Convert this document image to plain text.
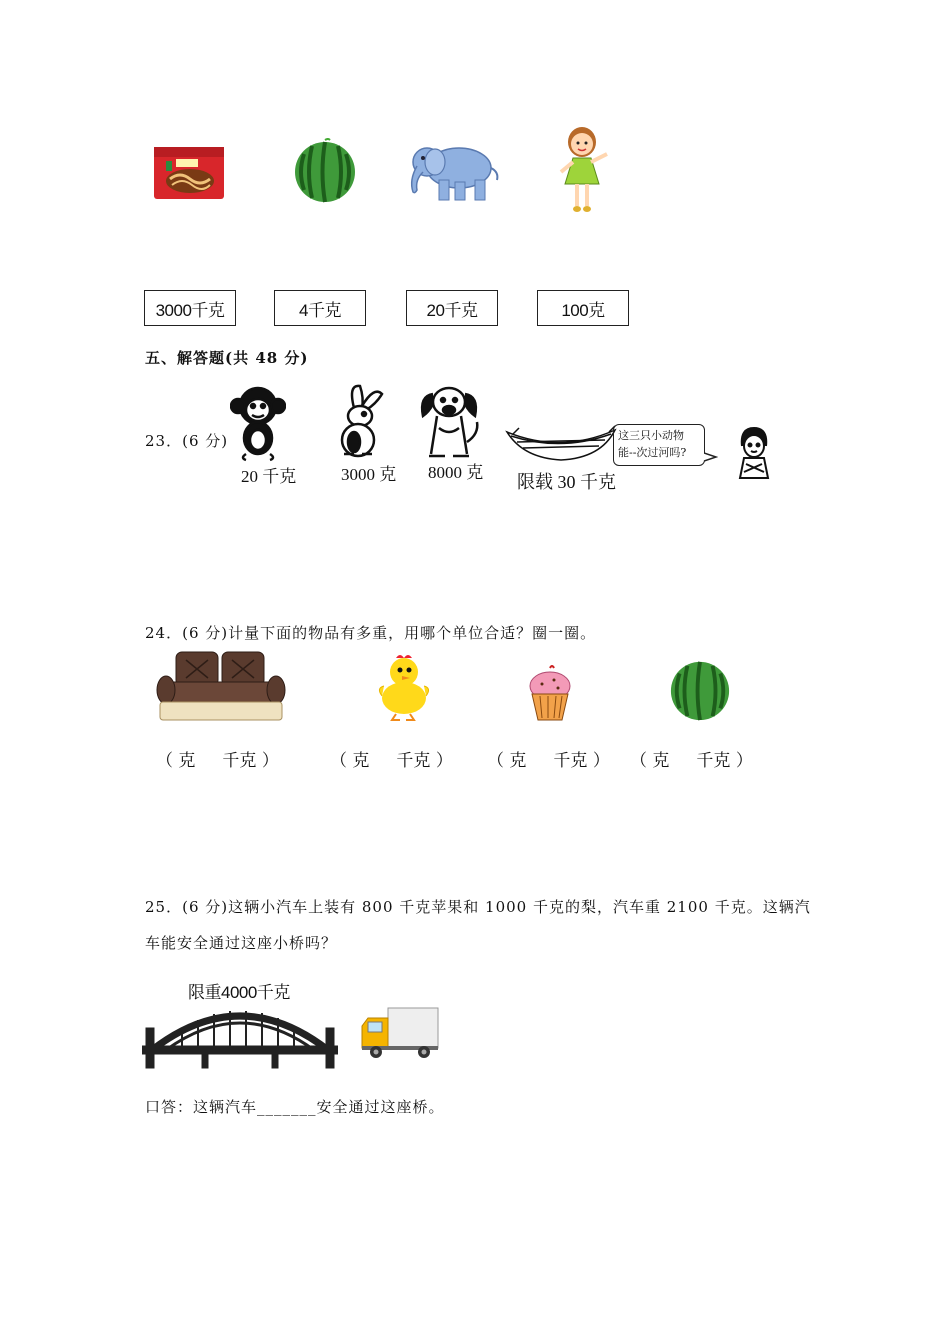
3000千克	4千克	20千克	100克
五、解答题(共 48 分)
23．(6 分)
20 千克	3000 克 8000 克 限载 30 千克
这三只小动物
能--次过河吗?
24．(6 分)计量下面的物品有多重，用哪个单位合适？圈一圈。
（ 克     千克 ）	（ 克     千克 ） （ 克     千克 ） （ 克     千克 ）
25．(6 分)这辆小汽车上装有 800 千克苹果和 1000 千克的梨，汽车重 2100 千克。这辆汽
车能安全通过这座小桥吗？
限重4000千克
口答：这辆汽车_______安全通过这座桥。
